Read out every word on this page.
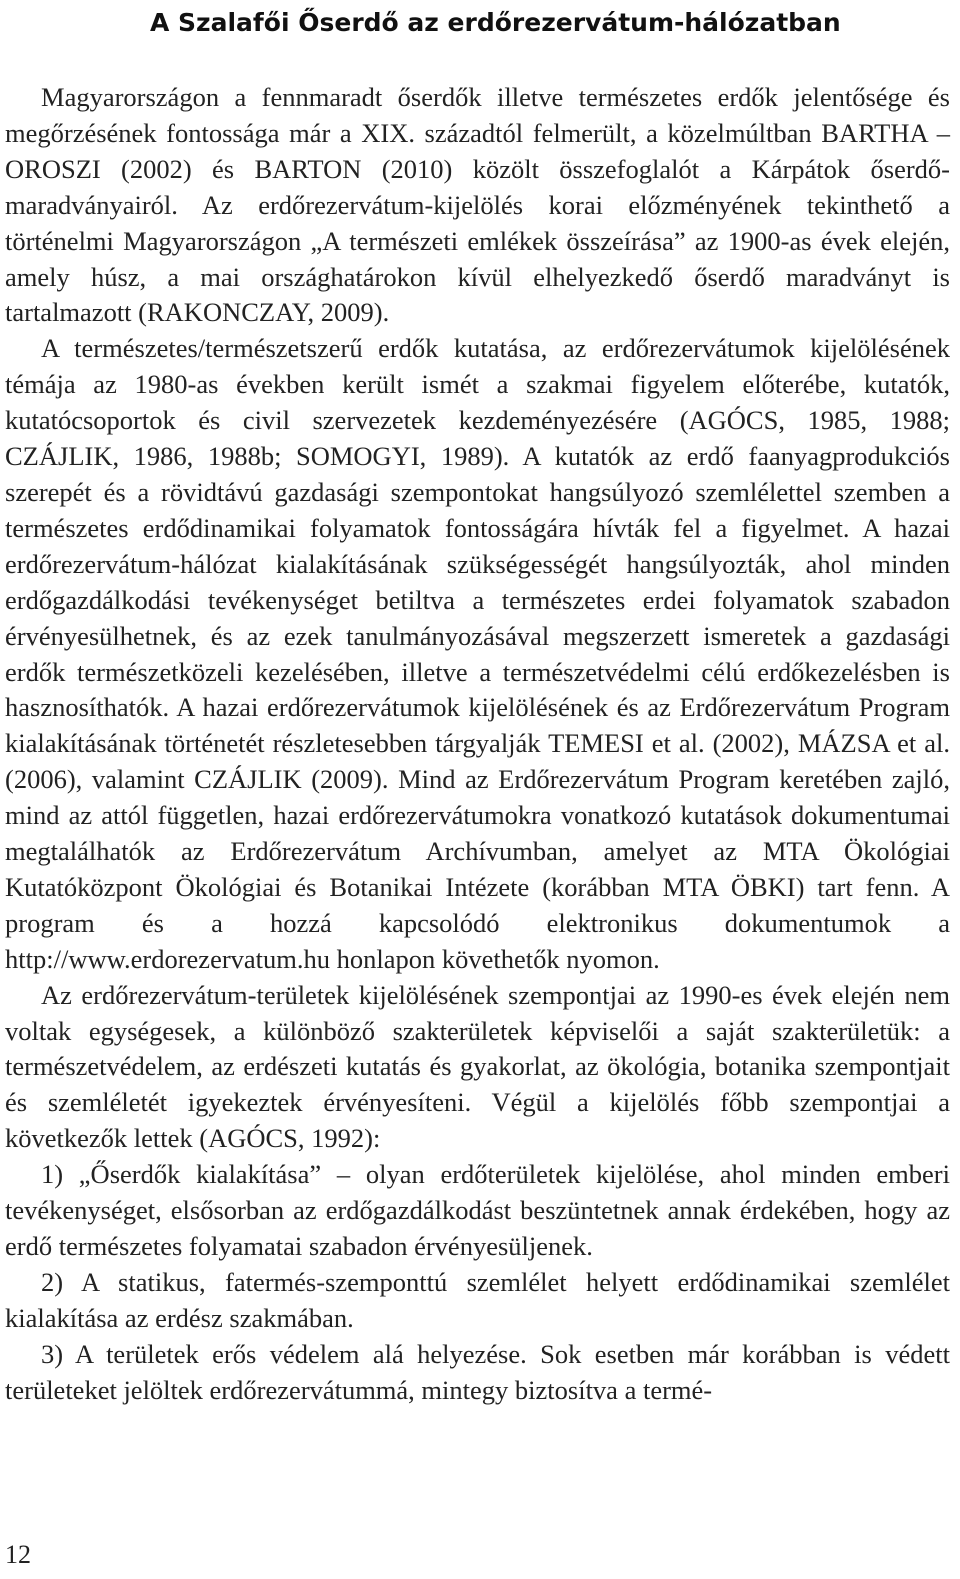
A Szalafői Őserdő az erdőrezervátum-hálózatban

Magyarországon a fennmaradt őserdők illetve természetes erdők jelentősége és megőrzésének fontossága már a XIX. századtól felmerült, a közelmúltban BARTHA – OROSZI (2002) és BARTON (2010) közölt összefoglalót a Kárpátok őserdő-maradványairól. Az erdőrezervátum-kijelölés korai előzményének tekinthető a történelmi Magyarországon „A természeti emlékek összeírása” az 1900-as évek elején, amely húsz, a mai országhatárokon kívül elhelyezkedő őserdő maradványt is tartalmazott (RAKONCZAY, 2009).

A természetes/természetszerű erdők kutatása, az erdőrezervátumok kijelölésének témája az 1980-as években került ismét a szakmai figyelem előterébe, kutatók, kutatócsoportok és civil szervezetek kezdeményezésére (AGÓCS, 1985, 1988; CZÁJLIK, 1986, 1988b; SOMOGYI, 1989). A kutatók az erdő faanyagprodukciós szerepét és a rövidtávú gazdasági szempontokat hangsúlyozó szemlélettel szemben a természetes erdődinamikai folyamatok fontosságára hívták fel a figyelmet. A hazai erdőrezervátum-hálózat kialakításának szükségességét hangsúlyozták, ahol minden erdőgazdálkodási tevékenységet betiltva a természetes erdei folyamatok szabadon érvényesülhetnek, és az ezek tanulmányozásával megszerzett ismeretek a gazdasági erdők természetközeli kezelésében, illetve a természetvédelmi célú erdőkezelésben is hasznosíthatók. A hazai erdőrezervátumok kijelölésének és az Erdőrezervátum Program kialakításának történetét részletesebben tárgyalják TEMESI et al. (2002), MÁZSA et al. (2006), valamint CZÁJLIK (2009). Mind az Erdőrezervátum Program keretében zajló, mind az attól független, hazai erdőrezervátumokra vonatkozó kutatások dokumentumai megtalálhatók az Erdőrezervátum Archívumban, amelyet az MTA Ökológiai Kutatóközpont Ökológiai és Botanikai Intézete (korábban MTA ÖBKI) tart fenn. A program és a hozzá kapcsolódó elektronikus dokumentumok a http://www.erdorezervatum.hu honlapon követhetők nyomon.

Az erdőrezervátum-területek kijelölésének szempontjai az 1990-es évek elején nem voltak egységesek, a különböző szakterületek képviselői a saját szakterületük: a természetvédelem, az erdészeti kutatás és gyakorlat, az ökológia, botanika szempontjait és szemléletét igyekeztek érvényesíteni. Végül a kijelölés főbb szempontjai a következők lettek (AGÓCS, 1992):

1) „Őserdők kialakítása” – olyan erdőterületek kijelölése, ahol minden emberi tevékenységet, elsősorban az erdőgazdálkodást beszüntetnek annak érdekében, hogy az erdő természetes folyamatai szabadon érvényesüljenek.

2) A statikus, fatermés-szemponttú szemlélet helyett erdődinamikai szemlélet kialakítása az erdész szakmában.

3) A területek erős védelem alá helyezése. Sok esetben már korábban is védett területeket jelöltek erdőrezervátummá, mintegy biztosítva a termé-

12
